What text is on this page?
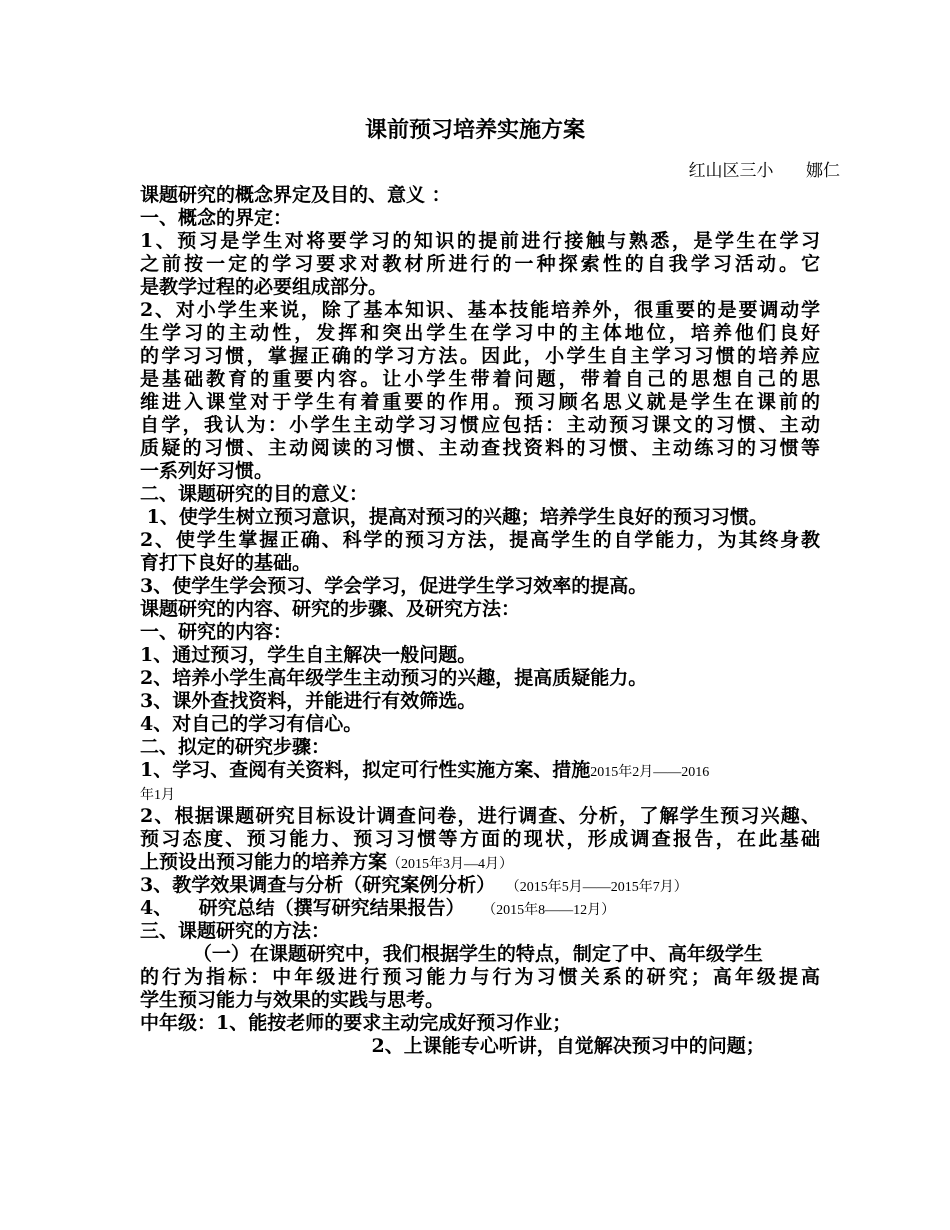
课前预习培养实施方案
红山区三小      娜仁
课题研究的概念界定及目的、意义 ：
一、概念的界定：
1、预习是学生对将要学习的知识的提前进行接触与熟悉，是学生在学习
之前按一定的学习要求对教材所进行的一种探索性的自我学习活动。它
是教学过程的必要组成部分。
2、对小学生来说，除了基本知识、基本技能培养外，很重要的是要调动学
生学习的主动性，发挥和突出学生在学习中的主体地位，培养他们良好
的学习习惯，掌握正确的学习方法。因此，小学生自主学习习惯的培养应
是基础教育的重要内容。让小学生带着问题，带着自己的思想自己的思
维进入课堂对于学生有着重要的作用。预习顾名思义就是学生在课前的
自学，我认为：小学生主动学习习惯应包括：主动预习课文的习惯、主动
质疑的习惯、主动阅读的习惯、主动查找资料的习惯、主动练习的习惯等
一系列好习惯。
二、课题研究的目的意义：
1、使学生树立预习意识，提高对预习的兴趣；培养学生良好的预习习惯。
2、使学生掌握正确、科学的预习方法，提高学生的自学能力，为其终身教
育打下良好的基础。
3、使学生学会预习、学会学习，促进学生学习效率的提高。
课题研究的内容、研究的步骤、及研究方法：
一、研究的内容：
1、通过预习，学生自主解决一般问题。
2、培养小学生高年级学生主动预习的兴趣，提高质疑能力。
3、课外查找资料，并能进行有效筛选。
4、对自己的学习有信心。
二、拟定的研究步骤：
1、学习、查阅有关资料，拟定可行性实施方案、措施2015年2月——2016
年1月
2、根据课题研究目标设计调查问卷，进行调查、分析，了解学生预习兴趣、
预习态度、预习能力、预习习惯等方面的现状，形成调查报告，在此基础
上预设出预习能力的培养方案（2015年3月—4月）
3、教学效果调查与分析（研究案例分析）   （2015年5月——2015年7月）
4、    研究总结（撰写研究结果报告）     （2015年8——12月）
三、课题研究的方法：
（一）在课题研究中，我们根据学生的特点，制定了中、高年级学生
的行为指标：中年级进行预习能力与行为习惯关系的研究；高年级提高
学生预习能力与效果的实践与思考。
中年级：1、能按老师的要求主动完成好预习作业；
2、上课能专心听讲，自觉解决预习中的问题；
